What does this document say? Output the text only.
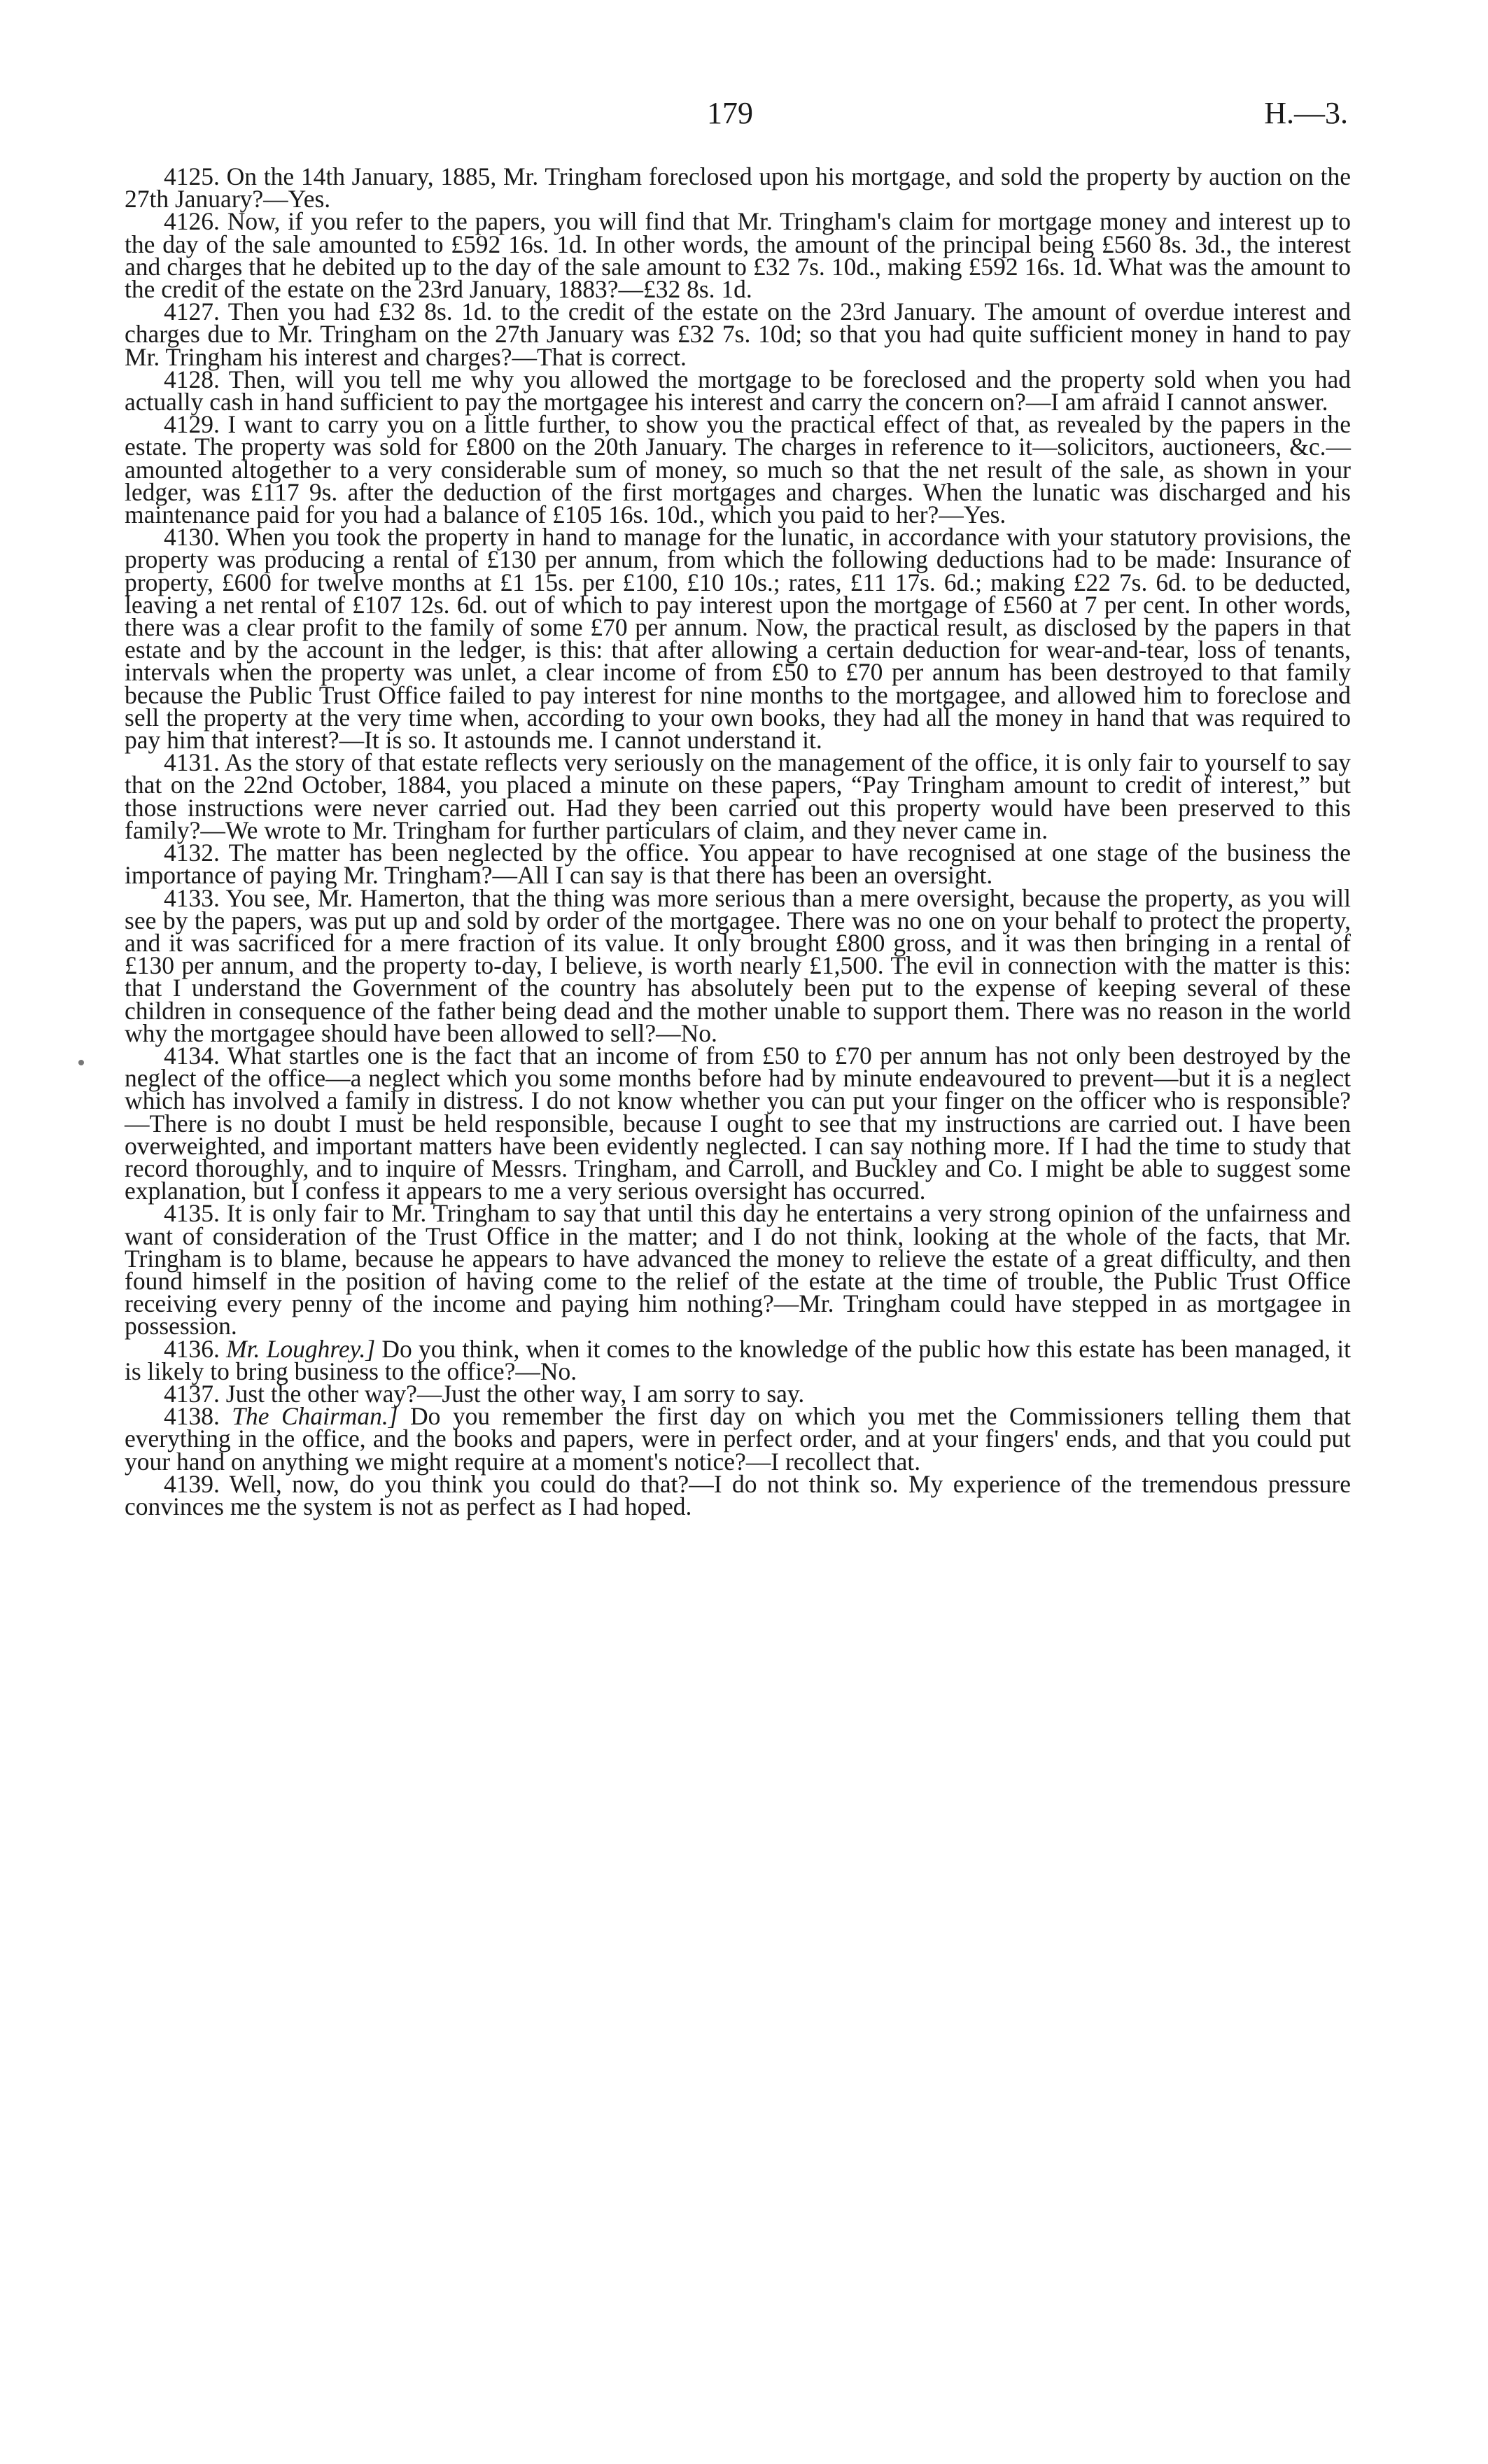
179	H.—3.

4125. On the 14th January, 1885, Mr. Tringham foreclosed upon his mortgage, and sold the property by auction on the 27th January?—Yes.

4126. Now, if you refer to the papers, you will find that Mr. Tringham's claim for mortgage money and interest up to the day of the sale amounted to £592 16s. 1d. In other words, the amount of the principal being £560 8s. 3d., the interest and charges that he debited up to the day of the sale amount to £32 7s. 10d., making £592 16s. 1d. What was the amount to the credit of the estate on the 23rd January, 1883?—£32 8s. 1d.

4127. Then you had £32 8s. 1d. to the credit of the estate on the 23rd January. The amount of overdue interest and charges due to Mr. Tringham on the 27th January was £32 7s. 10d; so that you had quite sufficient money in hand to pay Mr. Tringham his interest and charges?—That is correct.

4128. Then, will you tell me why you allowed the mortgage to be foreclosed and the property sold when you had actually cash in hand sufficient to pay the mortgagee his interest and carry the concern on?—I am afraid I cannot answer.

4129. I want to carry you on a little further, to show you the practical effect of that, as revealed by the papers in the estate. The property was sold for £800 on the 20th January. The charges in reference to it—solicitors, auctioneers, &c.—amounted altogether to a very considerable sum of money, so much so that the net result of the sale, as shown in your ledger, was £117 9s. after the deduction of the first mortgages and charges. When the lunatic was discharged and his maintenance paid for you had a balance of £105 16s. 10d., which you paid to her?—Yes.

4130. When you took the property in hand to manage for the lunatic, in accordance with your statutory provisions, the property was producing a rental of £130 per annum, from which the following deductions had to be made: Insurance of property, £600 for twelve months at £1 15s. per £100, £10 10s.; rates, £11 17s. 6d.; making £22 7s. 6d. to be deducted, leaving a net rental of £107 12s. 6d. out of which to pay interest upon the mortgage of £560 at 7 per cent. In other words, there was a clear profit to the family of some £70 per annum. Now, the practical result, as disclosed by the papers in that estate and by the account in the ledger, is this: that after allowing a certain deduction for wear-and-tear, loss of tenants, intervals when the property was unlet, a clear income of from £50 to £70 per annum has been destroyed to that family because the Public Trust Office failed to pay interest for nine months to the mortgagee, and allowed him to foreclose and sell the property at the very time when, according to your own books, they had all the money in hand that was required to pay him that interest?—It is so. It astounds me. I cannot understand it.

4131. As the story of that estate reflects very seriously on the management of the office, it is only fair to yourself to say that on the 22nd October, 1884, you placed a minute on these papers, “Pay Tringham amount to credit of interest,” but those instructions were never carried out. Had they been carried out this property would have been preserved to this family?—We wrote to Mr. Tringham for further particulars of claim, and they never came in.

4132. The matter has been neglected by the office. You appear to have recognised at one stage of the business the importance of paying Mr. Tringham?—All I can say is that there has been an oversight.

4133. You see, Mr. Hamerton, that the thing was more serious than a mere oversight, because the property, as you will see by the papers, was put up and sold by order of the mortgagee. There was no one on your behalf to protect the property, and it was sacrificed for a mere fraction of its value. It only brought £800 gross, and it was then bringing in a rental of £130 per annum, and the property to-day, I believe, is worth nearly £1,500. The evil in connection with the matter is this: that I understand the Government of the country has absolutely been put to the expense of keeping several of these children in consequence of the father being dead and the mother unable to support them. There was no reason in the world why the mortgagee should have been allowed to sell?—No.

4134. What startles one is the fact that an income of from £50 to £70 per annum has not only been destroyed by the neglect of the office—a neglect which you some months before had by minute endeavoured to prevent—but it is a neglect which has involved a family in distress. I do not know whether you can put your finger on the officer who is responsible?—There is no doubt I must be held responsible, because I ought to see that my instructions are carried out. I have been overweighted, and important matters have been evidently neglected. I can say nothing more. If I had the time to study that record thoroughly, and to inquire of Messrs. Tringham, and Carroll, and Buckley and Co. I might be able to suggest some explanation, but I confess it appears to me a very serious oversight has occurred.

4135. It is only fair to Mr. Tringham to say that until this day he entertains a very strong opinion of the unfairness and want of consideration of the Trust Office in the matter; and I do not think, looking at the whole of the facts, that Mr. Tringham is to blame, because he appears to have advanced the money to relieve the estate of a great difficulty, and then found himself in the position of having come to the relief of the estate at the time of trouble, the Public Trust Office receiving every penny of the income and paying him nothing?—Mr. Tringham could have stepped in as mortgagee in possession.

4136. Mr. Loughrey.] Do you think, when it comes to the knowledge of the public how this estate has been managed, it is likely to bring business to the office?—No.

4137. Just the other way?—Just the other way, I am sorry to say.

4138. The Chairman.] Do you remember the first day on which you met the Commissioners telling them that everything in the office, and the books and papers, were in perfect order, and at your fingers' ends, and that you could put your hand on anything we might require at a moment's notice?—I recollect that.

4139. Well, now, do you think you could do that?—I do not think so. My experience of the tremendous pressure convinces me the system is not as perfect as I had hoped.
